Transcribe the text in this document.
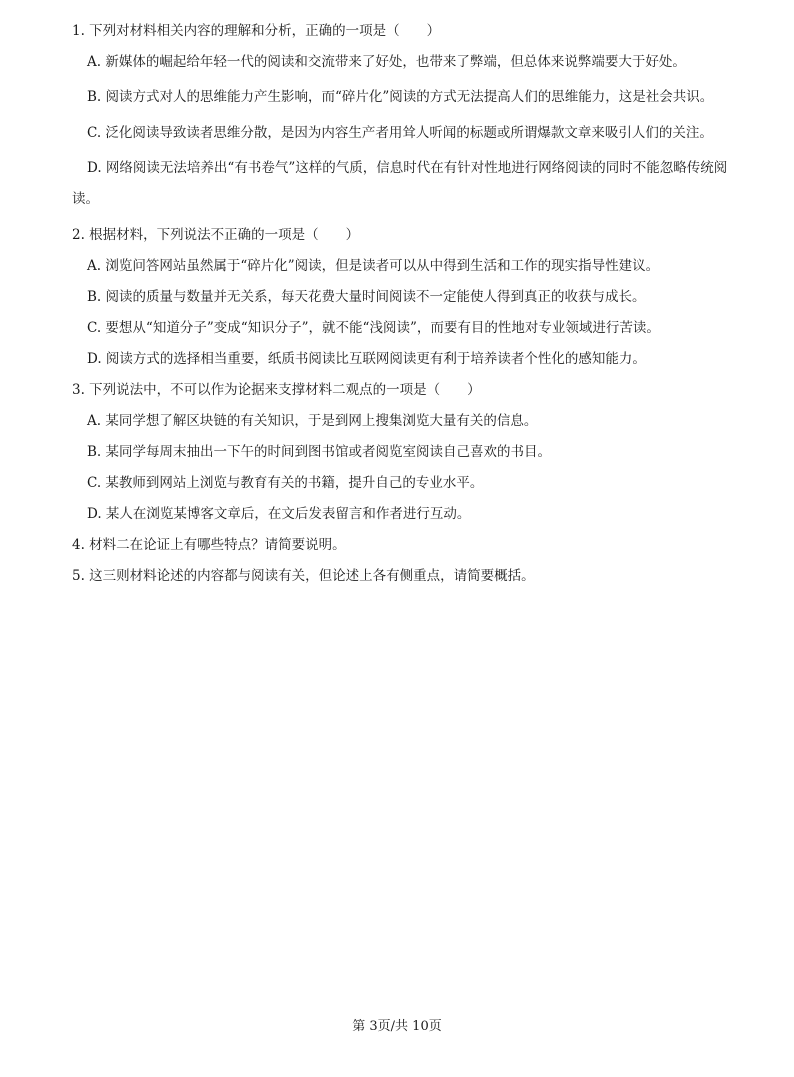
1. 下列对材料相关内容的理解和分析，正确的一项是（　　）

A. 新媒体的崛起给年轻一代的阅读和交流带来了好处，也带来了弊端，但总体来说弊端要大于好处。

B. 阅读方式对人的思维能力产生影响，而“碎片化”阅读的方式无法提高人们的思维能力，这是社会共识。

C. 泛化阅读导致读者思维分散，是因为内容生产者用耸人听闻的标题或所谓爆款文章来吸引人们的关注。

D. 网络阅读无法培养出“有书卷气”这样的气质，信息时代在有针对性地进行网络阅读的同时不能忽略传统阅读。

2. 根据材料，下列说法不正确的一项是（　　）

A. 浏览问答网站虽然属于“碎片化”阅读，但是读者可以从中得到生活和工作的现实指导性建议。

B. 阅读的质量与数量并无关系，每天花费大量时间阅读不一定能使人得到真正的收获与成长。

C. 要想从“知道分子”变成“知识分子”，就不能“浅阅读”，而要有目的性地对专业领域进行苦读。

D. 阅读方式的选择相当重要，纸质书阅读比互联网阅读更有利于培养读者个性化的感知能力。

3. 下列说法中，不可以作为论据来支撑材料二观点的一项是（　　）

A. 某同学想了解区块链的有关知识，于是到网上搜集浏览大量有关的信息。

B. 某同学每周末抽出一下午的时间到图书馆或者阅览室阅读自己喜欢的书目。

C. 某教师到网站上浏览与教育有关的书籍，提升自己的专业水平。

D. 某人在浏览某博客文章后，在文后发表留言和作者进行互动。

4. 材料二在论证上有哪些特点？请简要说明。

5. 这三则材料论述的内容都与阅读有关，但论述上各有侧重点，请简要概括。

第 3页/共 10页
